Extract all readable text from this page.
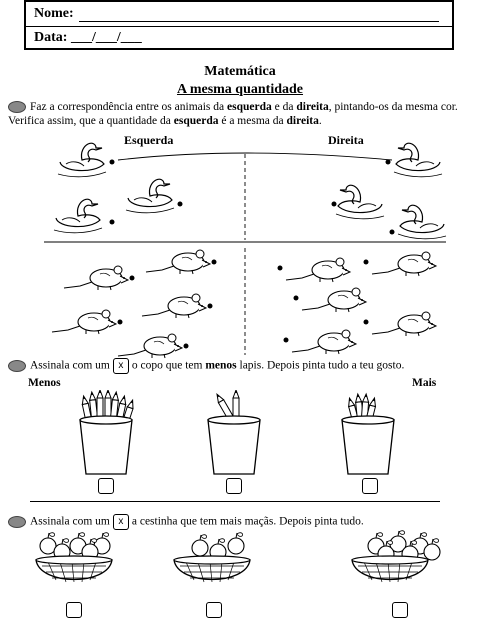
Nome:
Data: ___/___/___
Matemática
A mesma quantidade
Faz a correspondência entre os animais da esquerda e da direita, pintando-os da mesma cor. Verifica assim, que a quantidade da esquerda é a mesma da direita.
Esquerda	Direita
Assinala com um x o copo que tem menos lapis. Depois pinta tudo a teu gosto.
Menos	Mais
Assinala com um x a cestinha que tem mais maçãs. Depois pinta tudo.
